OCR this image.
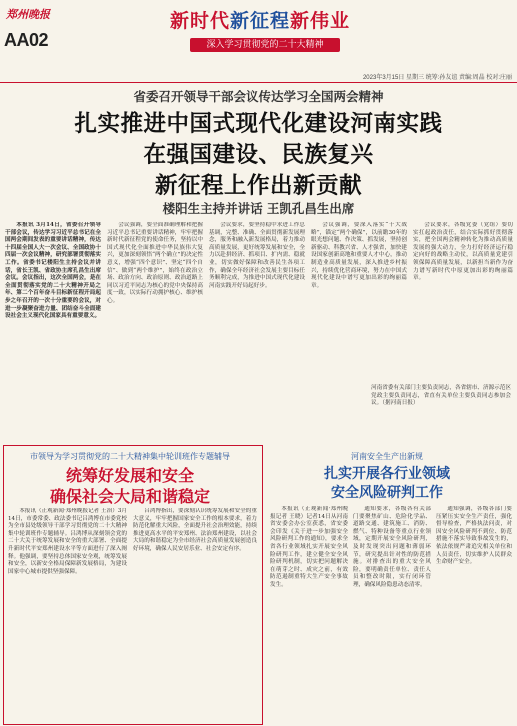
郑州晚报
AA02
新时代新征程新伟业
深入学习贯彻党的二十大精神
2023年3月15日 星期三 统筹:孙友谊 责编:周晶 校对:庄丽
省委召开领导干部会议传达学习全国两会精神
扎实推进中国式现代化建设河南实践
在强国建设、民族复兴
新征程上作出新贡献
楼阳生主持并讲话 王凯孔昌生出席

本报讯 3月14日，省委召开领导干部会议，传达学习习近平总书记在全国两会期间发表的重要讲话精神，传达十四届全国人大一次会议、全国政协十四届一次会议精神，研究部署贯彻落实工作。省委书记楼阳生主持会议并讲话，省长王凯、省政协主席孔昌生出席会议。会议指出，这次全国两会，是在全面贯彻落实党的二十大精神开局之年、第二个百年奋斗目标新征程开局起步之年召开的一次十分重要的会议，对进一步凝聚奋进力量、团结奋斗全面建设社会主义现代化国家具有重要意义。

会议强调，要全面准确理解和把握习近平总书记重要讲话精神，牢牢把握新时代新征程党的使命任务，坚持以中国式现代化全面推进中华民族伟大复兴，更加深刻领悟“两个确立”的决定性意义，增强“四个意识”、坚定“四个自信”、做到“两个维护”，始终在政治立场、政治方向、政治原则、政治道路上同以习近平同志为核心的党中央保持高度一致，以实际行动拥护核心、维护核心。

会议要求，要坚持稳中求进工作总基调，完整、准确、全面贯彻新发展理念，服务和融入新发展格局，着力推动高质量发展，更好统筹发展和安全，全力以赴拼经济、抓项目、扩内需、稳就业，切实做好保障和改善民生各项工作，确保全年经济社会发展主要目标任务顺利完成，为推进中国式现代化建设河南实践开好局起好步。

会议强调，要深入落实“十大战略”，锚定“两个确保”，以前瞻30年的眼光想问题、作决策、抓发展，坚持创新驱动、科教兴省、人才强省，加快建设国家创新高地和重要人才中心，推动制造业高质量发展，深入推进乡村振兴，持续优化营商环境，努力在中国式现代化建设中谱写更加出彩的绚丽篇章。

会议要求，各级党委（党组）要切实扛起政治责任，结合实际抓好贯彻落实，把全国两会精神转化为推动高质量发展的强大动力，全力打好经济运行稳定向好的战略主动仗，以高质量党建引领保障高质量发展，以新担当新作为奋力谱写新时代中原更加出彩的绚丽篇章。

河南省委有关部门主要负责同志，各省辖市、济源示范区党政主要负责同志，省直有关单位主要负责同志参加会议。（据河南日报）
市领导为学习贯彻党的二十大精神集中轮训班作专题辅导
统筹好发展和安全
确保社会大局和谐稳定

本报讯（正观新闻·郑州晚报记者 王治）3月14日，市委常委、政法委书记吕鸿博在市委党校为全市县处级领导干部学习贯彻党的二十大精神集中轮训班作专题辅导。吕鸿博从深刻领会党的二十大关于统筹发展和安全的重大部署、全面提升新时代平安郑州建设水平等方面进行了深入阐释。他强调，要坚持总体国家安全观，统筹发展和安全，以新安全格局保障新发展格局，为建设国家中心城市提供坚强保障。

吕鸿博指出，要深刻认识统筹发展和安全的重大意义，牢牢把握国家安全工作的根本要求，着力防范化解重大风险，全面提升社会治理效能，持续推进更高水平的平安郑州、法治郑州建设，以社会大局的和谐稳定为全市经济社会高质量发展创造良好环境，确保人民安居乐业、社会安定有序。

河南安全生产出新规
扎实开展各行业领域
安全风险研判工作

本报讯（正观新闻·郑州晚报记者 王晓）记者14日从河南省安委会办公室获悉，省安委会印发《关于进一步加强安全风险研判工作的通知》，要求全省各行业领域扎实开展安全风险研判工作，建立健全安全风险研判机制，切实把问题解决在萌芽之时、成灾之前，有效防范遏制重特大生产安全事故发生。

通知要求，各级各有关部门要聚焦矿山、危险化学品、道路交通、建筑施工、消防、燃气、特种设备等重点行业领域，定期开展安全风险研判，及时发现突出问题和薄弱环节，研究提出针对性的防范措施。对排查出的重大安全风险，要明确责任单位、责任人员和整改时限，实行闭环管理，确保风险隐患动态清零。

通知强调，各级各部门要压紧压实安全生产责任，强化督导检查，严格执法问责，对因安全风险研判不到位、防范措施不落实导致事故发生的，依法依规严肃追究相关单位和人员责任，切实维护人民群众生命财产安全。
